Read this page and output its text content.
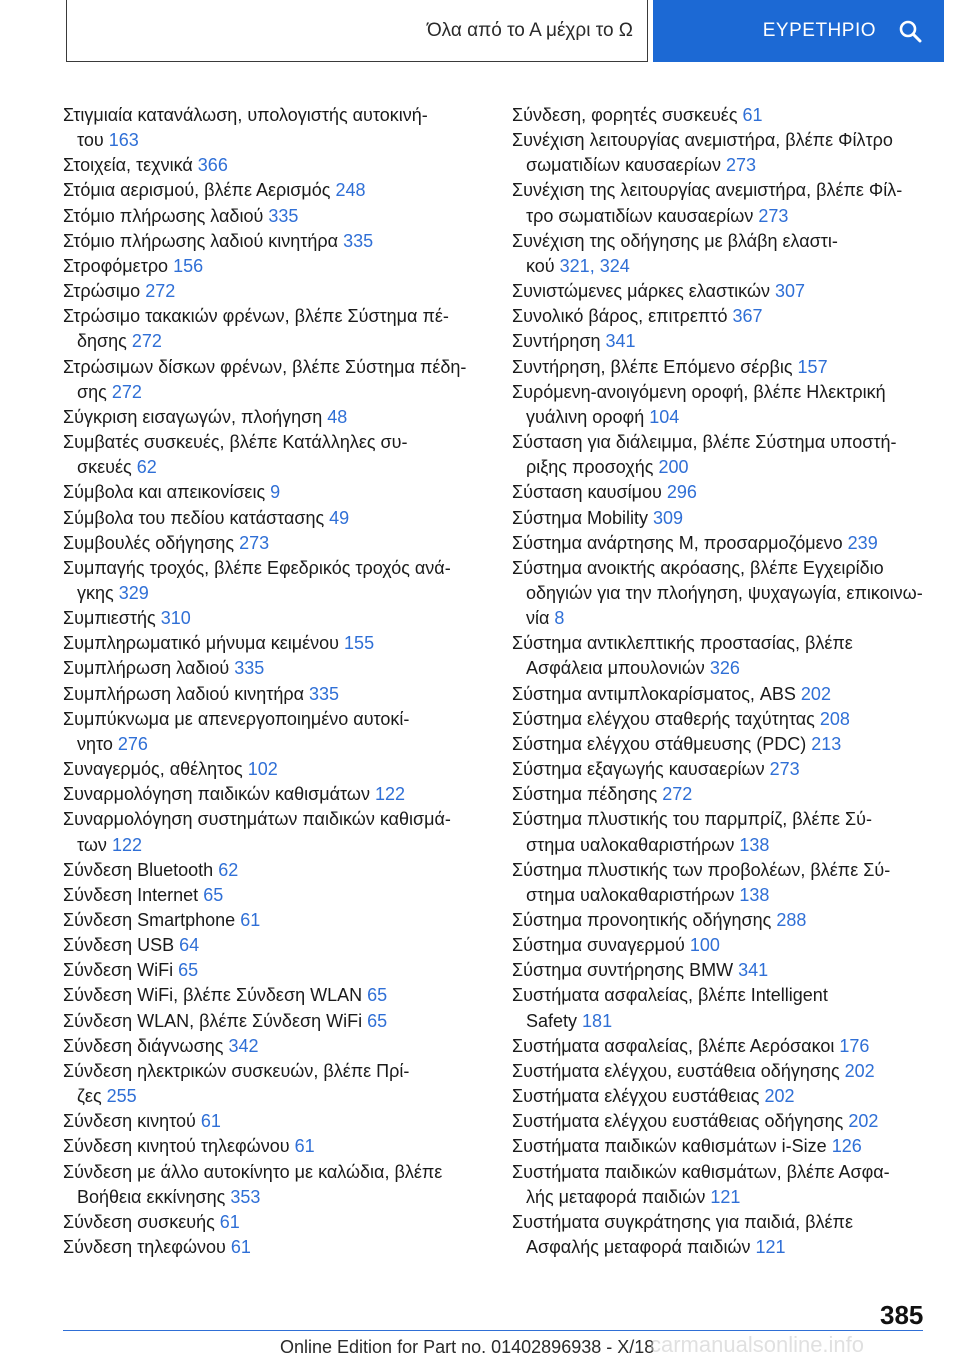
Όλα από το Α μέχρι το Ω	ΕΥΡΕΤΗΡΙΟ
Στιγμιαία κατανάλωση, υπολογιστής αυτοκινή-
του 163
Στοιχεία, τεχνικά 366
Στόμια αερισμού, βλέπε Αερισμός 248
Στόμιο πλήρωσης λαδιού 335
Στόμιο πλήρωσης λαδιού κινητήρα 335
Στροφόμετρο 156
Στρώσιμο 272
Στρώσιμο τακακιών φρένων, βλέπε Σύστημα πέ-
δησης 272
Στρώσιμων δίσκων φρένων, βλέπε Σύστημα πέδη-
σης 272
Σύγκριση εισαγωγών, πλοήγηση 48
Συμβατές συσκευές, βλέπε Κατάλληλες συ-
σκευές 62
Σύμβολα και απεικονίσεις 9
Σύμβολα του πεδίου κατάστασης 49
Συμβουλές οδήγησης 273
Συμπαγής τροχός, βλέπε Εφεδρικός τροχός ανά-
γκης 329
Συμπιεστής 310
Συμπληρωματικό μήνυμα κειμένου 155
Συμπλήρωση λαδιού 335
Συμπλήρωση λαδιού κινητήρα 335
Συμπύκνωμα με απενεργοποιημένο αυτοκί-
νητο 276
Συναγερμός, αθέλητος 102
Συναρμολόγηση παιδικών καθισμάτων 122
Συναρμολόγηση συστημάτων παιδικών καθισμά-
των 122
Σύνδεση Bluetooth 62
Σύνδεση Internet 65
Σύνδεση Smartphone 61
Σύνδεση USB 64
Σύνδεση WiFi 65
Σύνδεση WiFi, βλέπε Σύνδεση WLAN 65
Σύνδεση WLAN, βλέπε Σύνδεση WiFi 65
Σύνδεση διάγνωσης 342
Σύνδεση ηλεκτρικών συσκευών, βλέπε Πρί-
ζες 255
Σύνδεση κινητού 61
Σύνδεση κινητού τηλεφώνου 61
Σύνδεση με άλλο αυτοκίνητο με καλώδια, βλέπε
Βοήθεια εκκίνησης 353
Σύνδεση συσκευής 61
Σύνδεση τηλεφώνου 61
Σύνδεση, φορητές συσκευές 61
Συνέχιση λειτουργίας ανεμιστήρα, βλέπε Φίλτρο
σωματιδίων καυσαερίων 273
Συνέχιση της λειτουργίας ανεμιστήρα, βλέπε Φίλ-
τρο σωματιδίων καυσαερίων 273
Συνέχιση της οδήγησης με βλάβη ελαστι-
κού 321, 324
Συνιστώμενες μάρκες ελαστικών 307
Συνολικό βάρος, επιτρεπτό 367
Συντήρηση 341
Συντήρηση, βλέπε Επόμενο σέρβις 157
Συρόμενη-ανοιγόμενη οροφή, βλέπε Ηλεκτρική
γυάλινη οροφή 104
Σύσταση για διάλειμμα, βλέπε Σύστημα υποστή-
ριξης προσοχής 200
Σύσταση καυσίμου 296
Σύστημα Mobility 309
Σύστημα ανάρτησης M, προσαρμοζόμενο 239
Σύστημα ανοικτής ακρόασης, βλέπε Εγχειρίδιο
οδηγιών για την πλοήγηση, ψυχαγωγία, επικοινω-
νία 8
Σύστημα αντικλεπτικής προστασίας, βλέπε
Ασφάλεια μπουλονιών 326
Σύστημα αντιμπλοκαρίσματος, ABS 202
Σύστημα ελέγχου σταθερής ταχύτητας 208
Σύστημα ελέγχου στάθμευσης (PDC) 213
Σύστημα εξαγωγής καυσαερίων 273
Σύστημα πέδησης 272
Σύστημα πλυστικής του παρμπρίζ, βλέπε Σύ-
στημα υαλοκαθαριστήρων 138
Σύστημα πλυστικής των προβολέων, βλέπε Σύ-
στημα υαλοκαθαριστήρων 138
Σύστημα προνοητικής οδήγησης 288
Σύστημα συναγερμού 100
Σύστημα συντήρησης BMW 341
Συστήματα ασφαλείας, βλέπε Intelligent
Safety 181
Συστήματα ασφαλείας, βλέπε Αερόσακοι 176
Συστήματα ελέγχου, ευστάθεια οδήγησης 202
Συστήματα ελέγχου ευστάθειας 202
Συστήματα ελέγχου ευστάθειας οδήγησης 202
Συστήματα παιδικών καθισμάτων i-Size 126
Συστήματα παιδικών καθισμάτων, βλέπε Ασφα-
λής μεταφορά παιδιών 121
Συστήματα συγκράτησης για παιδιά, βλέπε
Ασφαλής μεταφορά παιδιών 121
385
Online Edition for Part no. 01402896938 - X/18
carmanualsonline.info
